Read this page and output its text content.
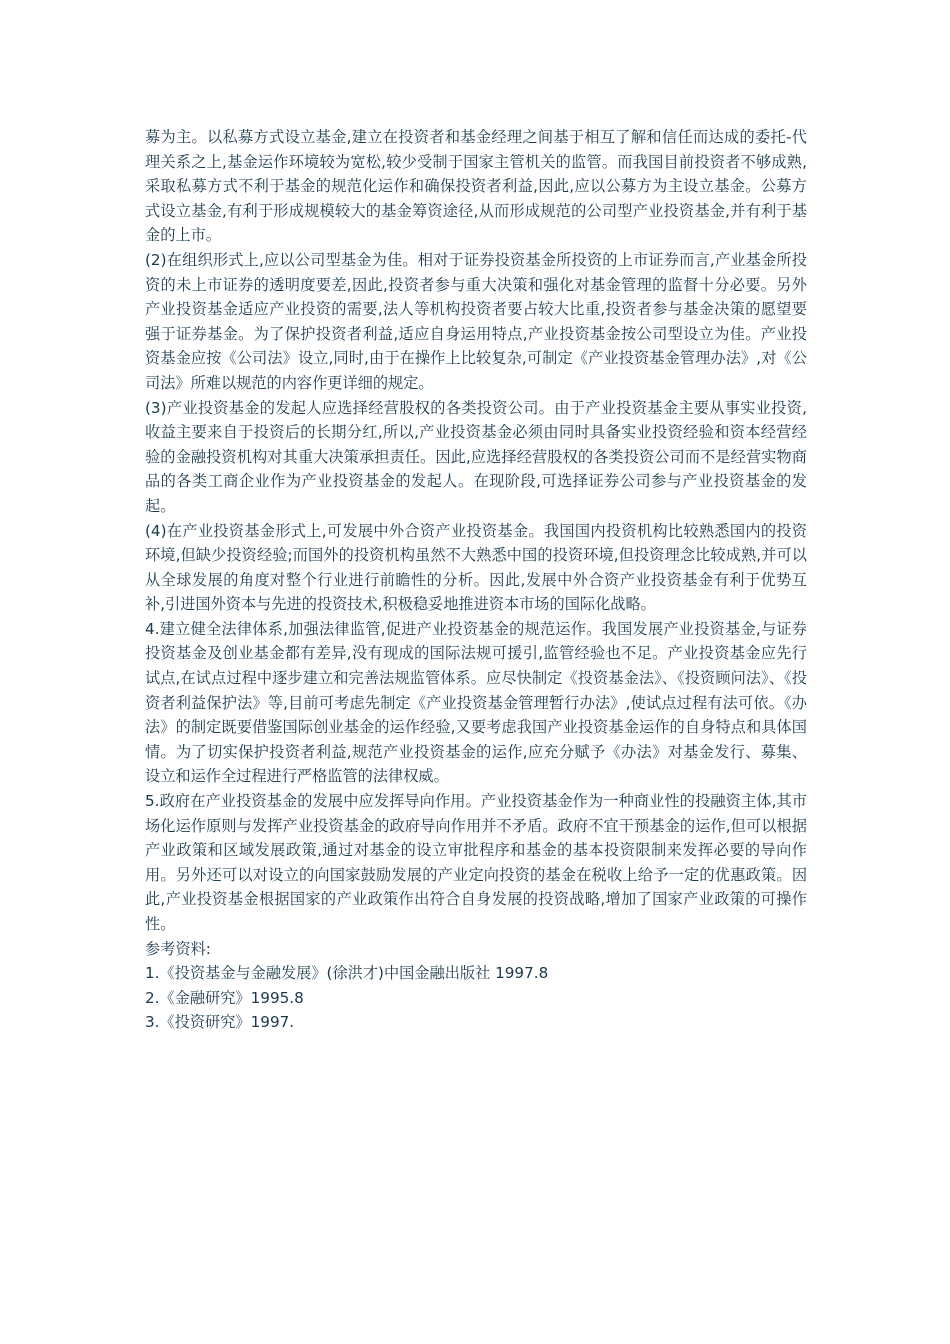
募为主。以私募方式设立基金,建立在投资者和基金经理之间基于相互了解和信任而达成的委托-代理关系之上,基金运作环境较为宽松,较少受制于国家主管机关的监管。而我国目前投资者不够成熟,采取私募方式不利于基金的规范化运作和确保投资者利益,因此,应以公募方为主设立基金。公募方式设立基金,有利于形成规模较大的基金筹资途径,从而形成规范的公司型产业投资基金,并有利于基金的上市。

(2)在组织形式上,应以公司型基金为佳。相对于证券投资基金所投资的上市证券而言,产业基金所投资的未上市证券的透明度要差,因此,投资者参与重大决策和强化对基金管理的监督十分必要。另外产业投资基金适应产业投资的需要,法人等机构投资者要占较大比重,投资者参与基金决策的愿望要强于证券基金。为了保护投资者利益,适应自身运用特点,产业投资基金按公司型设立为佳。产业投资基金应按《公司法》设立,同时,由于在操作上比较复杂,可制定《产业投资基金管理办法》,对《公司法》所难以规范的内容作更详细的规定。

(3)产业投资基金的发起人应选择经营股权的各类投资公司。由于产业投资基金主要从事实业投资,收益主要来自于投资后的长期分红,所以,产业投资基金必须由同时具备实业投资经验和资本经营经验的金融投资机构对其重大决策承担责任。因此,应选择经营股权的各类投资公司而不是经营实物商品的各类工商企业作为产业投资基金的发起人。在现阶段,可选择证券公司参与产业投资基金的发起。

(4)在产业投资基金形式上,可发展中外合资产业投资基金。我国国内投资机构比较熟悉国内的投资环境,但缺少投资经验;而国外的投资机构虽然不大熟悉中国的投资环境,但投资理念比较成熟,并可以从全球发展的角度对整个行业进行前瞻性的分析。因此,发展中外合资产业投资基金有利于优势互补,引进国外资本与先进的投资技术,积极稳妥地推进资本市场的国际化战略。

4.建立健全法律体系,加强法律监管,促进产业投资基金的规范运作。我国发展产业投资基金,与证券投资基金及创业基金都有差异,没有现成的国际法规可援引,监管经验也不足。产业投资基金应先行试点,在试点过程中逐步建立和完善法规监管体系。应尽快制定《投资基金法》、《投资顾问法》、《投资者利益保护法》等,目前可考虑先制定《产业投资基金管理暂行办法》,使试点过程有法可依。《办法》的制定既要借鉴国际创业基金的运作经验,又要考虑我国产业投资基金运作的自身特点和具体国情。为了切实保护投资者利益,规范产业投资基金的运作,应充分赋予《办法》对基金发行、募集、设立和运作全过程进行严格监管的法律权威。

5.政府在产业投资基金的发展中应发挥导向作用。产业投资基金作为一种商业性的投融资主体,其市场化运作原则与发挥产业投资基金的政府导向作用并不矛盾。政府不宜干预基金的运作,但可以根据产业政策和区域发展政策,通过对基金的设立审批程序和基金的基本投资限制来发挥必要的导向作用。另外还可以对设立的向国家鼓励发展的产业定向投资的基金在税收上给予一定的优惠政策。因此,产业投资基金根据国家的产业政策作出符合自身发展的投资战略,增加了国家产业政策的可操作性。

参考资料:

1.《投资基金与金融发展》(徐洪才)中国金融出版社 1997.8

2.《金融研究》1995.8

3.《投资研究》1997.
